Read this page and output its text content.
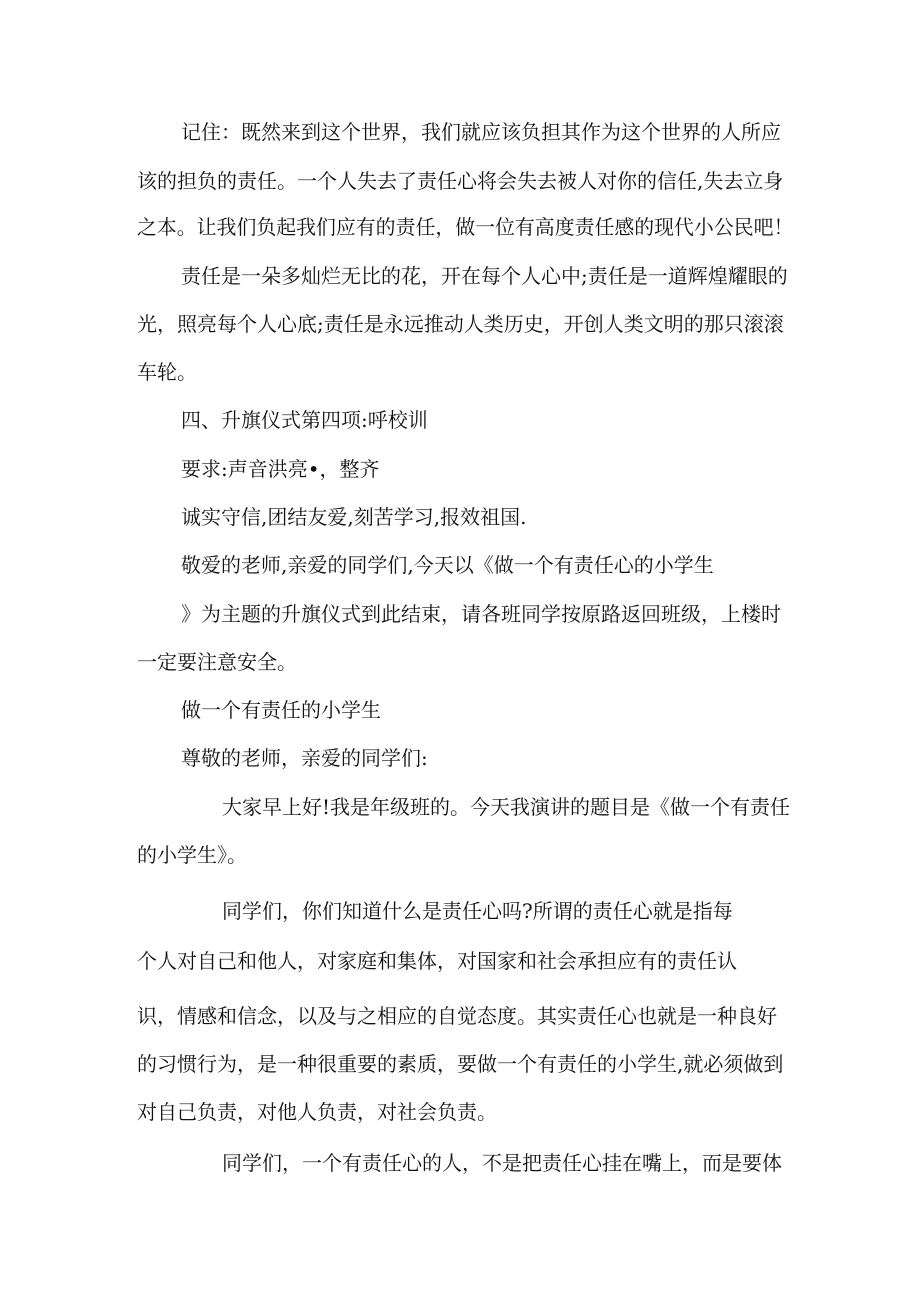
记住：既然来到这个世界，我们就应该负担其作为这个世界的人所应
该的担负的责任。一个人失去了责任心将会失去被人对你的信任,失去立身
之本。让我们负起我们应有的责任，做一位有高度责任感的现代小公民吧！
责任是一朵多灿烂无比的花，开在每个人心中;责任是一道辉煌耀眼的
光，照亮每个人心底;责任是永远推动人类历史，开创人类文明的那只滚滚
车轮。
四、升旗仪式第四项:呼校训
要求:声音洪亮•，整齐
诚实守信,团结友爱,刻苦学习,报效祖国.
敬爱的老师,亲爱的同学们,今天以《做一个有责任心的小学生
》为主题的升旗仪式到此结束，请各班同学按原路返回班级，上楼时
一定要注意安全。
做一个有责任的小学生
尊敬的老师，亲爱的同学们:
大家早上好!我是年级班的。今天我演讲的题目是《做一个有责任
的小学生》。
同学们，你们知道什么是责任心吗?所谓的责任心就是指每
个人对自己和他人，对家庭和集体，对国家和社会承担应有的责任认
识，情感和信念，以及与之相应的自觉态度。其实责任心也就是一种良好
的习惯行为，是一种很重要的素质，要做一个有责任的小学生,就必须做到
对自己负责，对他人负责，对社会负责。
同学们，一个有责任心的人，不是把责任心挂在嘴上，而是要体
